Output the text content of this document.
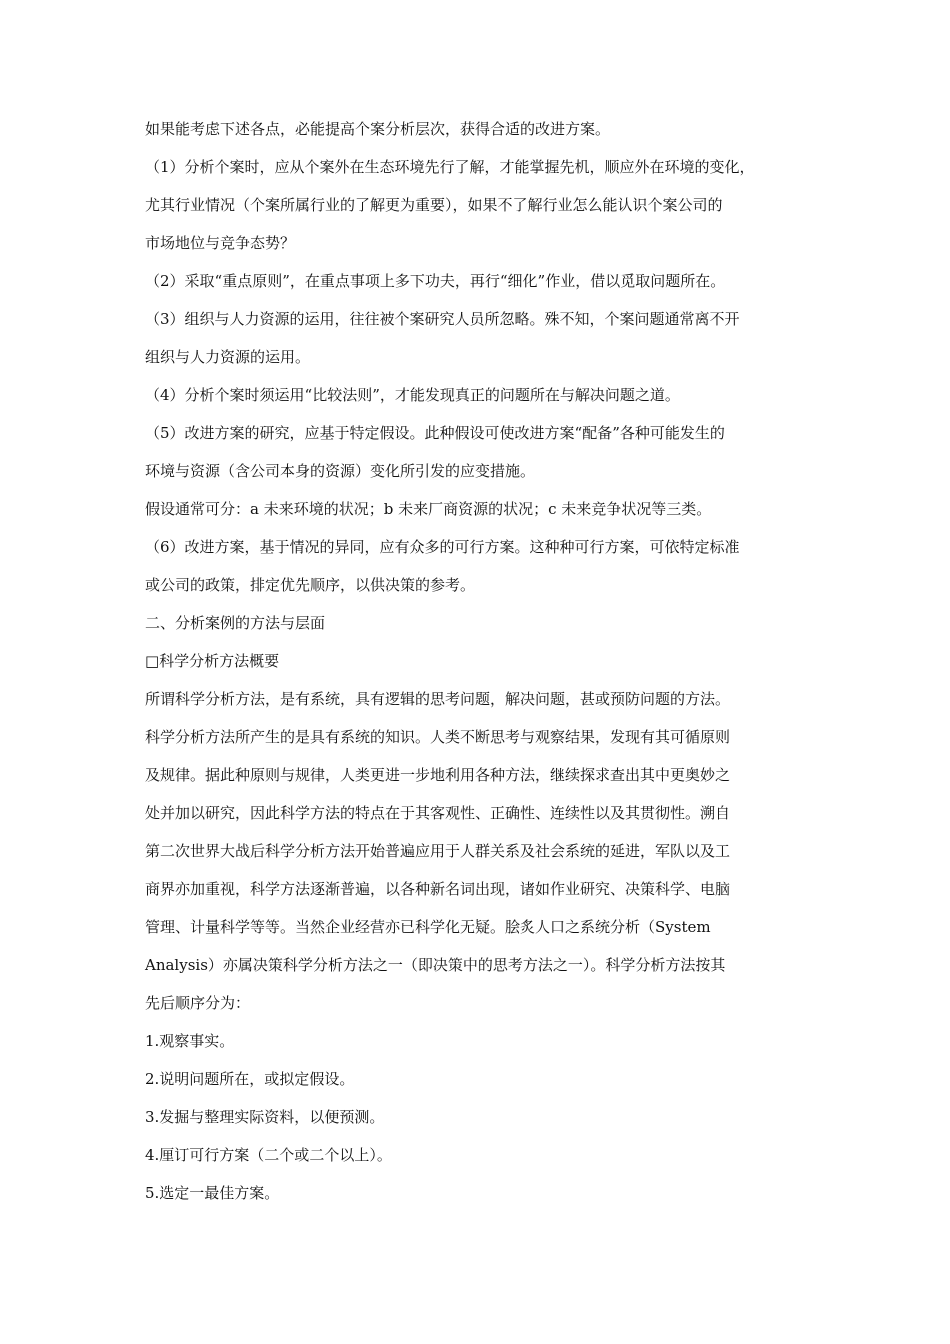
如果能考虑下述各点，必能提高个案分析层次，获得合适的改进方案。
（1）分析个案时，应从个案外在生态环境先行了解，才能掌握先机，顺应外在环境的变化，
尤其行业情况（个案所属行业的了解更为重要），如果不了解行业怎么能认识个案公司的
市场地位与竞争态势？
（2）采取“重点原则”，在重点事项上多下功夫，再行“细化”作业，借以觅取问题所在。
（3）组织与人力资源的运用，往往被个案研究人员所忽略。殊不知，个案问题通常离不开
组织与人力资源的运用。
（4）分析个案时须运用“比较法则”，才能发现真正的问题所在与解决问题之道。
（5）改进方案的研究，应基于特定假设。此种假设可使改进方案“配备”各种可能发生的
环境与资源（含公司本身的资源）变化所引发的应变措施。
假设通常可分：a 未来环境的状况；b 未来厂商资源的状况；c 未来竞争状况等三类。
（6）改进方案，基于情况的异同，应有众多的可行方案。这种种可行方案，可依特定标准
或公司的政策，排定优先顺序，以供决策的参考。
二、分析案例的方法与层面
□科学分析方法概要
所谓科学分析方法，是有系统，具有逻辑的思考问题，解决问题，甚或预防问题的方法。
科学分析方法所产生的是具有系统的知识。人类不断思考与观察结果，发现有其可循原则
及规律。据此种原则与规律，人类更进一步地利用各种方法，继续探求查出其中更奥妙之
处并加以研究，因此科学方法的特点在于其客观性、正确性、连续性以及其贯彻性。溯自
第二次世界大战后科学分析方法开始普遍应用于人群关系及社会系统的延进，军队以及工
商界亦加重视，科学方法逐渐普遍，以各种新名词出现，诸如作业研究、决策科学、电脑
管理、计量科学等等。当然企业经营亦已科学化无疑。脍炙人口之系统分析（System
Analysis）亦属决策科学分析方法之一（即决策中的思考方法之一）。科学分析方法按其
先后顺序分为：
1.观察事实。
2.说明问题所在，或拟定假设。
3.发掘与整理实际资料，以便预测。
4.厘订可行方案（二个或二个以上）。
5.选定一最佳方案。
